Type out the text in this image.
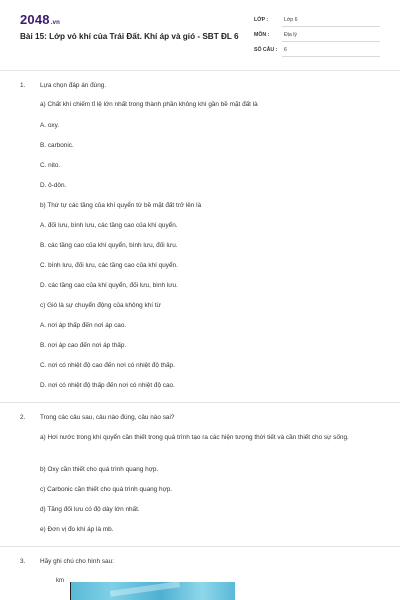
2048.vn
Bài 15: Lớp vỏ khí của Trái Đất. Khí áp và gió - SBT ĐL 6
LỚP :	Lớp 6
MÔN :	Địa lý
SỐ CÂU : 6
1. Lựa chọn đáp án đúng.
a) Chất khí chiếm tỉ lệ lớn nhất trong thành phần không khí gần bề mặt đất là
A. oxy.
B. carbonic.
C. nito.
D. ô-dôn.
b) Thứ tự các tầng của khí quyển từ bề mặt đất trở lên là
A. đối lưu, bình lưu, các tầng cao của khí quyển.
B. các tầng cao của khí quyển, bình lưu, đối lưu.
C. bình lưu, đối lưu, các tầng cao của khí quyển.
D. các tầng cao của khí quyển, đối lưu, bình lưu.
c) Gió là sự chuyển động của không khí từ
A. nơi áp thấp đến nơi áp cao.
B. nơi áp cao đến nơi áp thấp.
C. nơi có nhiệt độ cao đến nơi có nhiệt độ thấp.
D. nơi có nhiệt độ thấp đến nơi có nhiệt độ cao.
2. Trong các câu sau, câu nào đúng, câu nào sai?
a) Hơi nước trong khí quyển cần thiết trong quá trình tạo ra các hiện tượng thời tiết và cần thiết cho sự sống.
b) Oxy cần thiết cho quá trình quang hợp.
c) Carbonic cần thiết cho quá trình quang hợp.
d) Tầng đối lưu có độ dày lớn nhất.
e) Đơn vị đo khí áp là mb.
3. Hãy ghi chú cho hình sau:
km
